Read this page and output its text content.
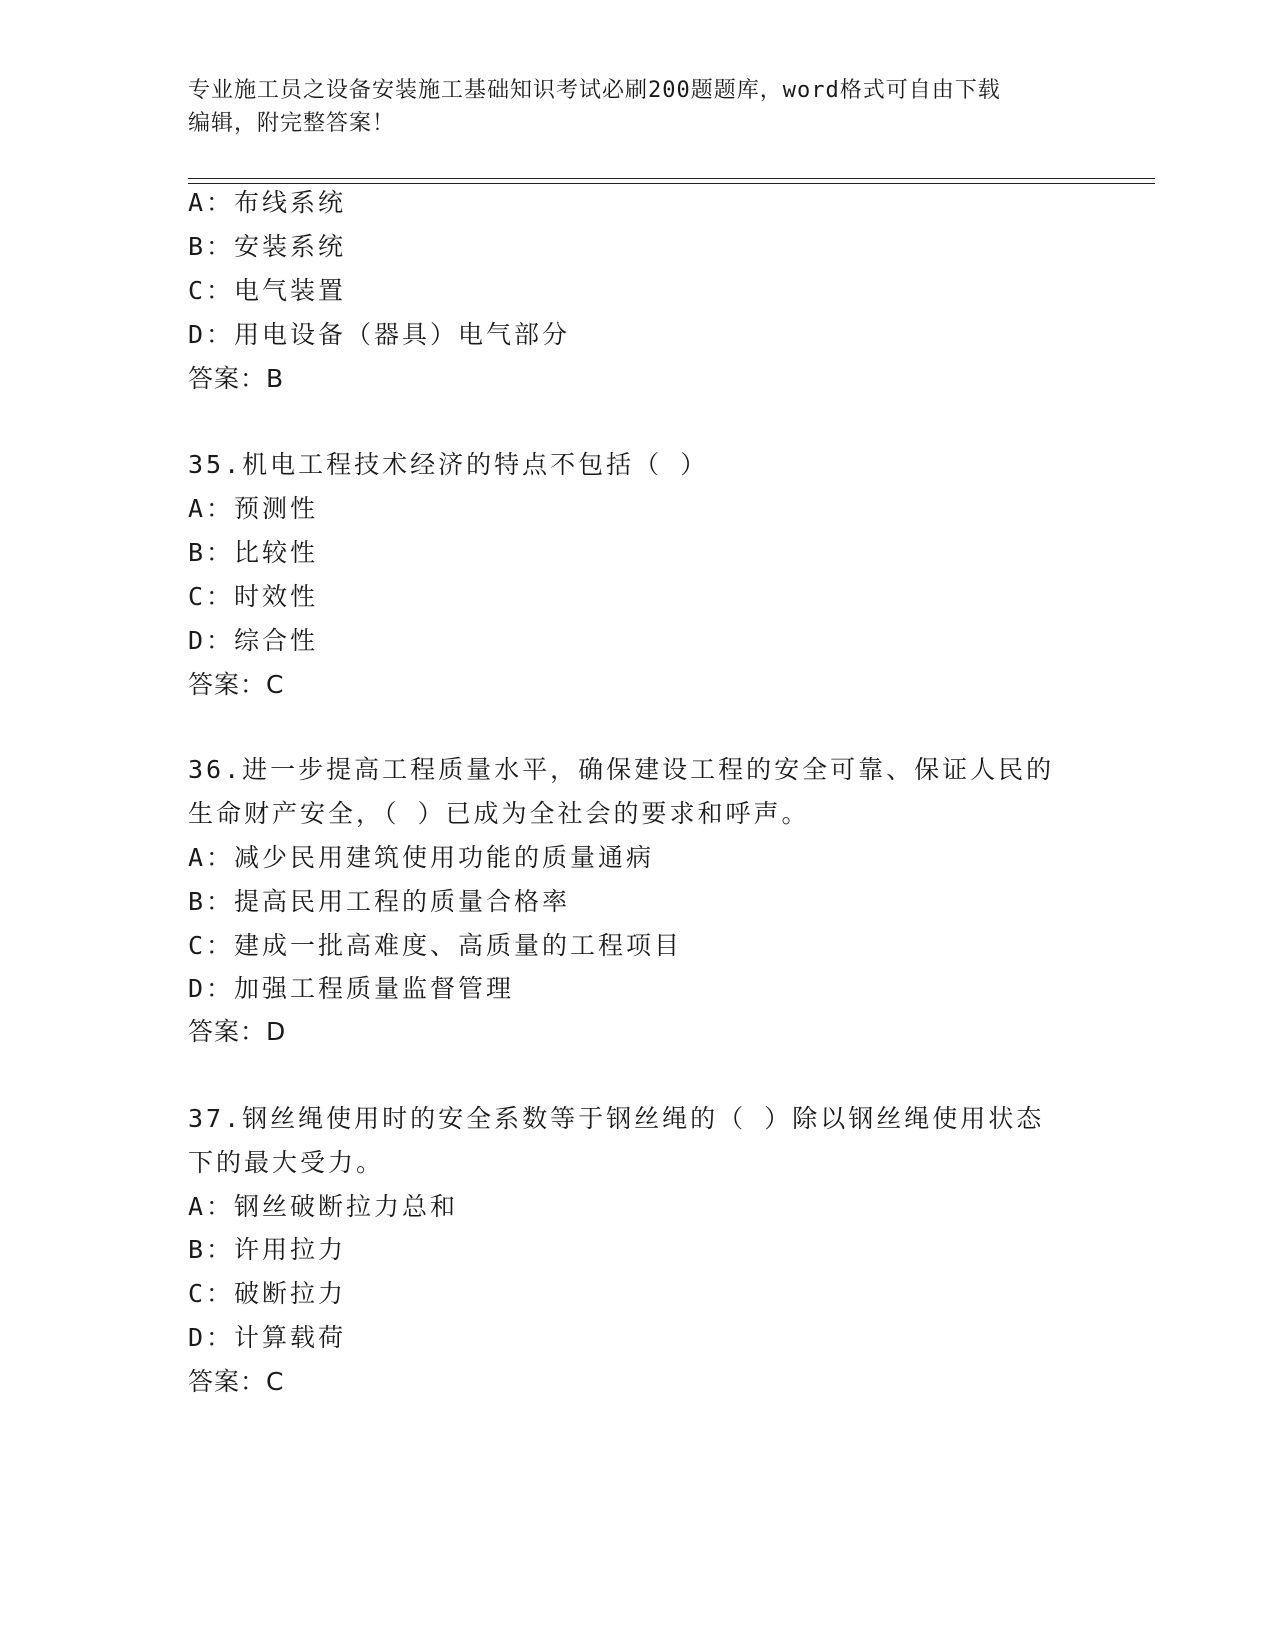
专业施工员之设备安装施工基础知识考试必刷200题题库，word格式可自由下载
编辑，附完整答案！
A：布线系统
B：安装系统
C：电气装置
D：用电设备（器具）电气部分
答案：B
35.机电工程技术经济的特点不包括（ ）
A：预测性
B：比较性
C：时效性
D：综合性
答案：C
36.进一步提高工程质量水平，确保建设工程的安全可靠、保证人民的
生命财产安全，（ ）已成为全社会的要求和呼声。
A：减少民用建筑使用功能的质量通病
B：提高民用工程的质量合格率
C：建成一批高难度、高质量的工程项目
D：加强工程质量监督管理
答案：D
37.钢丝绳使用时的安全系数等于钢丝绳的（ ）除以钢丝绳使用状态
下的最大受力。
A：钢丝破断拉力总和
B：许用拉力
C：破断拉力
D：计算载荷
答案：C
